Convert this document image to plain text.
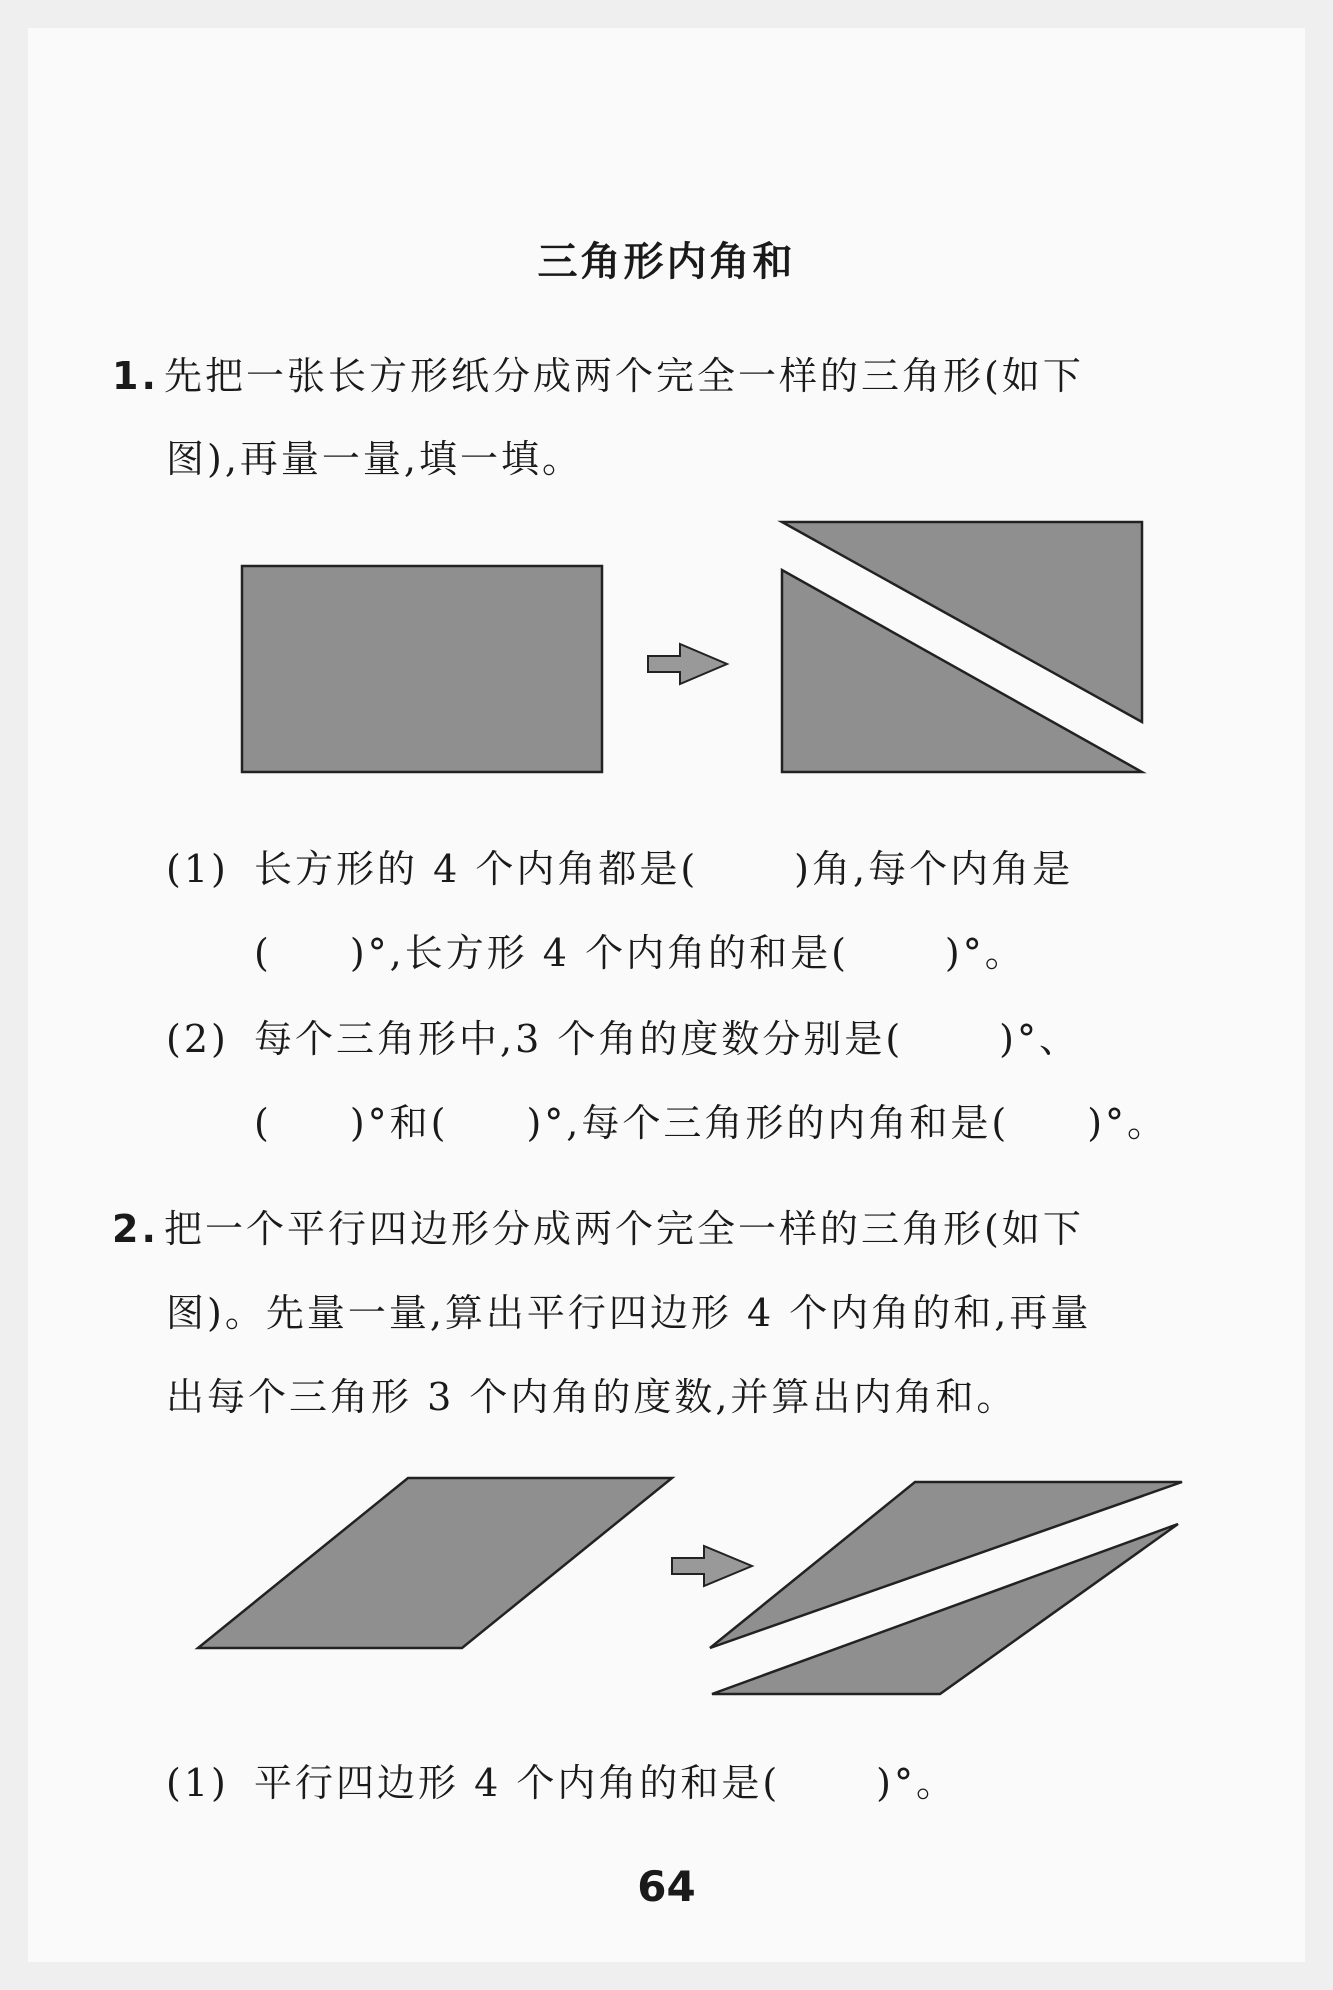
三角形内角和
1. 先把一张长方形纸分成两个完全一样的三角形(如下
图),再量一量,填一填。
(1) 长方形的 4 个内角都是(	)角,每个内角是
( )°,长方形 4 个内角的和是(	)°。
(2) 每个三角形中,3 个角的度数分别是(	)°、
( )°和( )°,每个三角形的内角和是( )°。
2. 把一个平行四边形分成两个完全一样的三角形(如下
图)。先量一量,算出平行四边形 4 个内角的和,再量
出每个三角形 3 个内角的度数,并算出内角和。
(1) 平行四边形 4 个内角的和是(	)°。
64
